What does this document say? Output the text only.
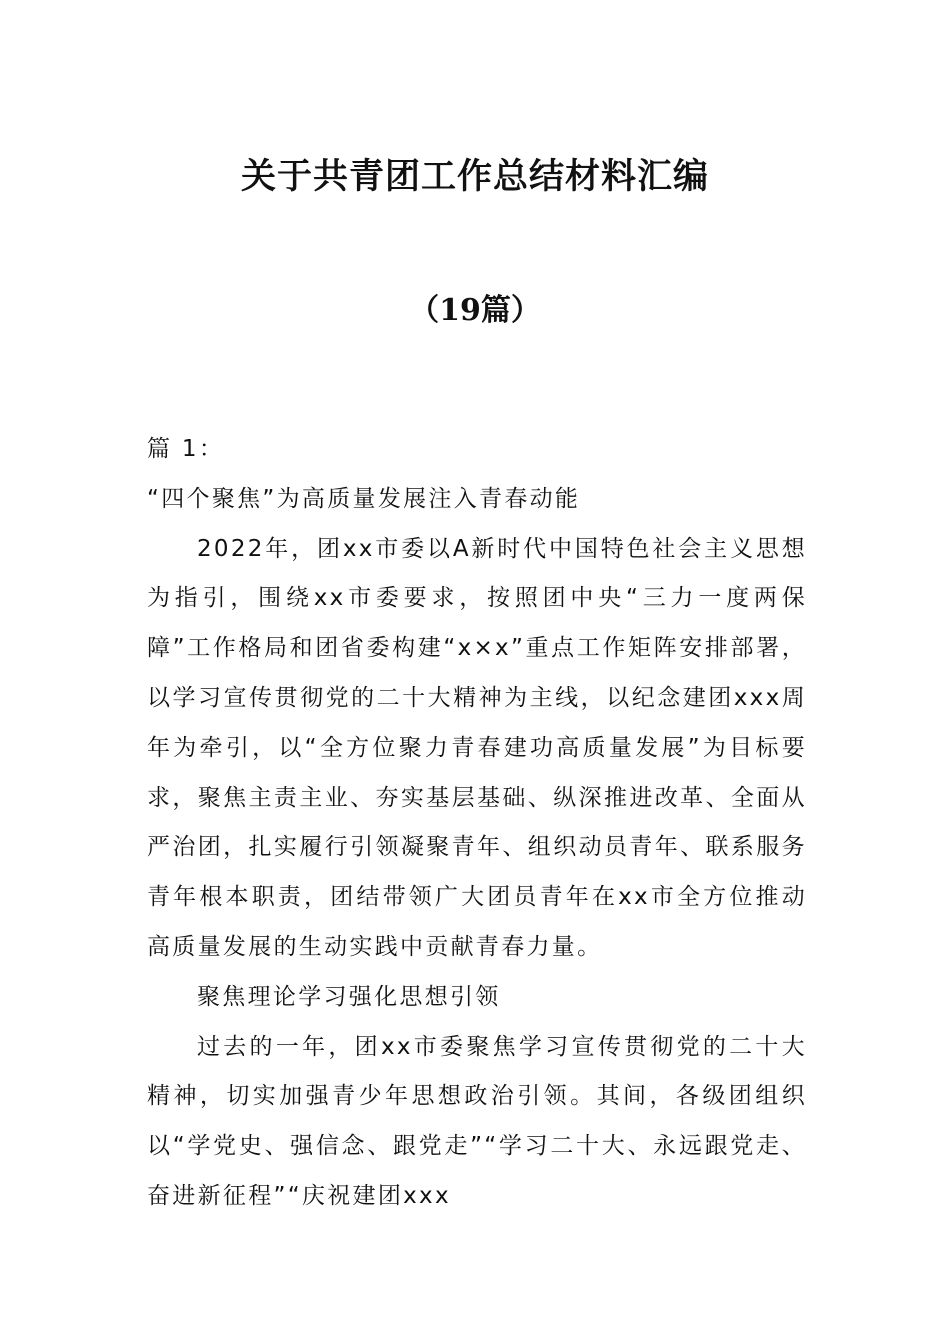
关于共青团工作总结材料汇编
（19篇）

篇 1：

“四个聚焦”为高质量发展注入青春动能

2022年，团xx市委以A新时代中国特色社会主义思想为指引，围绕xx市委要求，按照团中央“三力一度两保障”工作格局和团省委构建“x×x”重点工作矩阵安排部署，以学习宣传贯彻党的二十大精神为主线，以纪念建团xxx周年为牵引，以“全方位聚力青春建功高质量发展”为目标要求，聚焦主责主业、夯实基层基础、纵深推进改革、全面从严治团，扎实履行引领凝聚青年、组织动员青年、联系服务青年根本职责，团结带领广大团员青年在xx市全方位推动高质量发展的生动实践中贡献青春力量。

聚焦理论学习强化思想引领

过去的一年，团xx市委聚焦学习宣传贯彻党的二十大精神，切实加强青少年思想政治引领。其间，各级团组织以“学党史、强信念、跟党走”“学习二十大、永远跟党走、奋进新征程”“庆祝建团xxx
